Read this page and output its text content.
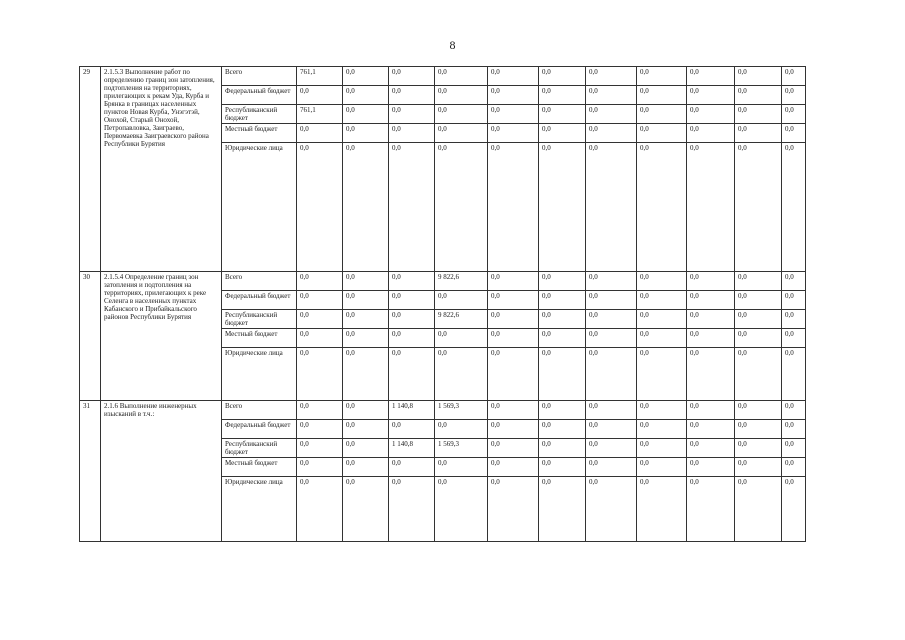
8
29	2.1.5.3 Выполнение работ по определению границ зон затопления, подтопления на территориях, прилегающих к рекам Уда, Курба и Брянка в границах населенных пунктов Новая Курба, Унэгэтэй, Онохой, Старый Онохой, Петропавловка, Заиграево, Первомаевка Заиграевского района Республики Бурятия	Всего	761,1	0,0	0,0	0,0	0,0	0,0	0,0	0,0	0,0	0,0	0,0	
		Федеральный бюджет	0,0	0,0	0,0	0,0	0,0	0,0	0,0	0,0	0,0	0,0	0,0	
		Республиканский бюджет	761,1	0,0	0,0	0,0	0,0	0,0	0,0	0,0	0,0	0,0	0,0	
		Местный бюджет	0,0	0,0	0,0	0,0	0,0	0,0	0,0	0,0	0,0	0,0	0,0	
		Юридические лица	0,0	0,0	0,0	0,0	0,0	0,0	0,0	0,0	0,0	0,0	0,0	
30	2.1.5.4 Определение границ зон затопления и подтопления на территориях, прилегающих к реке Селенга в населенных пунктах Кабанского и Прибайкальского районов Республики Бурятия	Всего	0,0	0,0	0,0	9 822,6	0,0	0,0	0,0	0,0	0,0	0,0	0,0	
		Федеральный бюджет	0,0	0,0	0,0	0,0	0,0	0,0	0,0	0,0	0,0	0,0	0,0	
		Республиканский бюджет	0,0	0,0	0,0	9 822,6	0,0	0,0	0,0	0,0	0,0	0,0	0,0	
		Местный бюджет	0,0	0,0	0,0	0,0	0,0	0,0	0,0	0,0	0,0	0,0	0,0	
		Юридические лица	0,0	0,0	0,0	0,0	0,0	0,0	0,0	0,0	0,0	0,0	0,0	
31	2.1.6 Выполнение инженерных изысканий в т.ч.:	Всего	0,0	0,0	1 140,8	1 569,3	0,0	0,0	0,0	0,0	0,0	0,0	0,0	
		Федеральный бюджет	0,0	0,0	0,0	0,0	0,0	0,0	0,0	0,0	0,0	0,0	0,0	
		Республиканский бюджет	0,0	0,0	1 140,8	1 569,3	0,0	0,0	0,0	0,0	0,0	0,0	0,0	
		Местный бюджет	0,0	0,0	0,0	0,0	0,0	0,0	0,0	0,0	0,0	0,0	0,0	
		Юридические лица	0,0	0,0	0,0	0,0	0,0	0,0	0,0	0,0	0,0	0,0	0,0	
